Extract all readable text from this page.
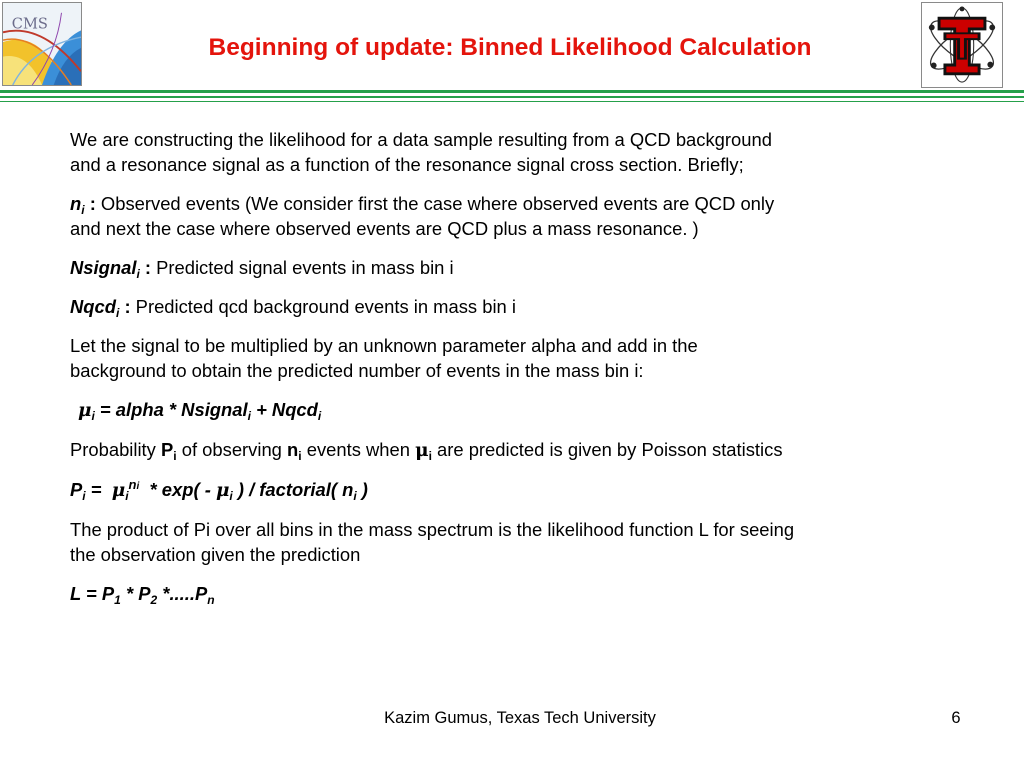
CMS
Beginning of update: Binned Likelihood Calculation

We are constructing the likelihood for a data sample resulting from a QCD background
and a resonance signal as a function of the resonance signal cross section. Briefly;

$n_i$ : Observed events (We consider first the case where observed events are QCD only
and next the case where observed events are QCD plus a mass resonance. )

Nsignal$_i$ : Predicted signal events in mass bin i

Nqcd$_i$ : Predicted qcd background events in mass bin i

Let the signal to be multiplied by an unknown parameter alpha and add in the
background to obtain the predicted number of events in the mass bin i:

$\mu_i$ = alpha * Nsignal$_i$ + Nqcd$_i$

Probability $P_i$ of observing $n_i$ events when $\mu_i$ are predicted is given by Poisson statistics

$P_i = \mu_i^{ni} * \exp( - \mu_i$ ) / factorial( $n_i$ )

The product of Pi over all bins in the mass spectrum is the likelihood function L for seeing
the observation given the prediction

$L = P_1 * P_2$ $*.....P_n$

Kazim Gumus, Texas Tech University	6
